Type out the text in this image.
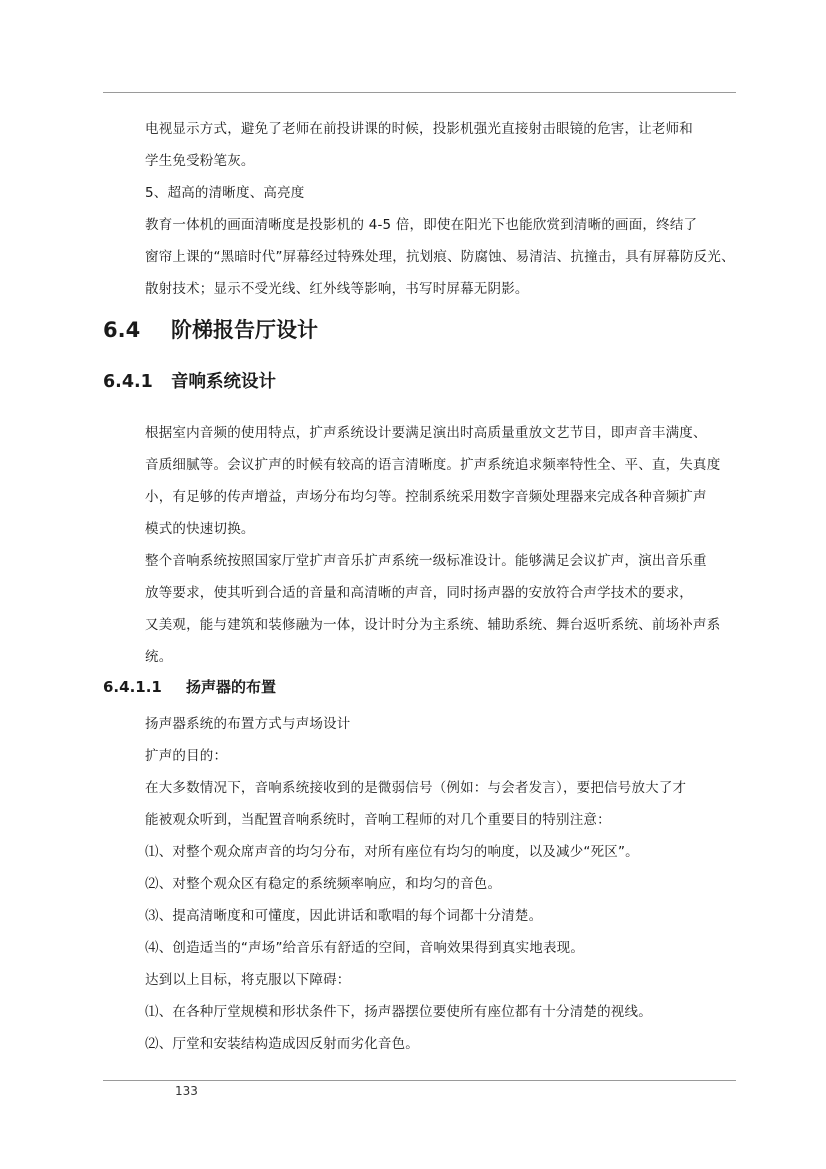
电视显示方式，避免了老师在前投讲课的时候，投影机强光直接射击眼镜的危害，让老师和
学生免受粉笔灰。
5、超高的清晰度、高亮度
教育一体机的画面清晰度是投影机的 4-5 倍，即使在阳光下也能欣赏到清晰的画面，终结了
窗帘上课的“黑暗时代”屏幕经过特殊处理，抗划痕、防腐蚀、易清洁、抗撞击，具有屏幕防反光、
散射技术；显示不受光线、红外线等影响，书写时屏幕无阴影。
6.4 阶梯报告厅设计
6.4.1 音响系统设计
根据室内音频的使用特点，扩声系统设计要满足演出时高质量重放文艺节目，即声音丰满度、
音质细腻等。会议扩声的时候有较高的语言清晰度。扩声系统追求频率特性全、平、直，失真度
小，有足够的传声增益，声场分布均匀等。控制系统采用数字音频处理器来完成各种音频扩声
模式的快速切换。
整个音响系统按照国家厅堂扩声音乐扩声系统一级标准设计。能够满足会议扩声，演出音乐重
放等要求，使其听到合适的音量和高清晰的声音，同时扬声器的安放符合声学技术的要求，
又美观，能与建筑和装修融为一体，设计时分为主系统、辅助系统、舞台返听系统、前场补声系
统。
6.4.1.1 扬声器的布置
扬声器系统的布置方式与声场设计
扩声的目的：
在大多数情况下，音响系统接收到的是微弱信号（例如：与会者发言），要把信号放大了才
能被观众听到，当配置音响系统时，音响工程师的对几个重要目的特别注意：
⑴、对整个观众席声音的均匀分布，对所有座位有均匀的响度，以及减少“死区”。
⑵、对整个观众区有稳定的系统频率响应，和均匀的音色。
⑶、提高清晰度和可懂度，因此讲话和歌唱的每个词都十分清楚。
⑷、创造适当的“声场”给音乐有舒适的空间，音响效果得到真实地表现。
达到以上目标，将克服以下障碍：
⑴、在各种厅堂规模和形状条件下，扬声器摆位要使所有座位都有十分清楚的视线。
⑵、厅堂和安装结构造成因反射而劣化音色。
133
